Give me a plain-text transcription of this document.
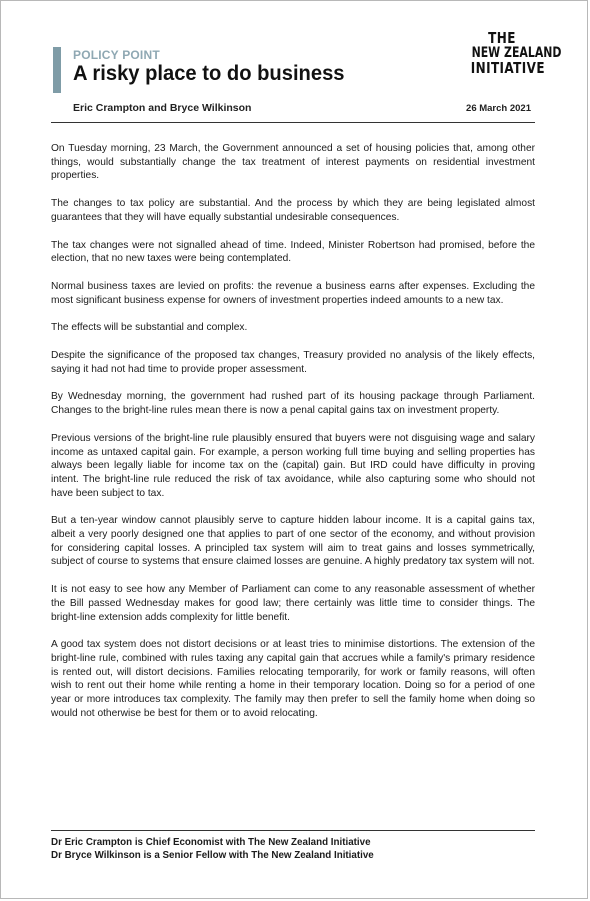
POLICY POINT
A risky place to do business
THE
NEW ZEALAND
INITIATIVE
Eric Crampton and Bryce Wilkinson	26 March 2021

On Tuesday morning, 23 March, the Government announced a set of housing policies that, among other things, would substantially change the tax treatment of interest payments on residential investment properties.

The changes to tax policy are substantial. And the process by which they are being legislated almost guarantees that they will have equally substantial undesirable consequences.

The tax changes were not signalled ahead of time. Indeed, Minister Robertson had promised, before the election, that no new taxes were being contemplated.

Normal business taxes are levied on profits: the revenue a business earns after expenses. Excluding the most significant business expense for owners of investment properties indeed amounts to a new tax.

The effects will be substantial and complex.

Despite the significance of the proposed tax changes, Treasury provided no analysis of the likely effects, saying it had not had time to provide proper assessment.

By Wednesday morning, the government had rushed part of its housing package through Parliament. Changes to the bright-line rules mean there is now a penal capital gains tax on investment property.

Previous versions of the bright-line rule plausibly ensured that buyers were not disguising wage and salary income as untaxed capital gain. For example, a person working full time buying and selling properties has always been legally liable for income tax on the (capital) gain. But IRD could have difficulty in proving intent. The bright-line rule reduced the risk of tax avoidance, while also capturing some who should not have been subject to tax.

But a ten-year window cannot plausibly serve to capture hidden labour income. It is a capital gains tax, albeit a very poorly designed one that applies to part of one sector of the economy, and without provision for considering capital losses. A principled tax system will aim to treat gains and losses symmetrically, subject of course to systems that ensure claimed losses are genuine. A highly predatory tax system will not.

It is not easy to see how any Member of Parliament can come to any reasonable assessment of whether the Bill passed Wednesday makes for good law; there certainly was little time to consider things. The bright-line extension adds complexity for little benefit.

A good tax system does not distort decisions or at least tries to minimise distortions. The extension of the bright-line rule, combined with rules taxing any capital gain that accrues while a family's primary residence is rented out, will distort decisions. Families relocating temporarily, for work or family reasons, will often wish to rent out their home while renting a home in their temporary location. Doing so for a period of one year or more introduces tax complexity. The family may then prefer to sell the family home when doing so would not otherwise be best for them or to avoid relocating.

Dr Eric Crampton is Chief Economist with The New Zealand Initiative
Dr Bryce Wilkinson is a Senior Fellow with The New Zealand Initiative
